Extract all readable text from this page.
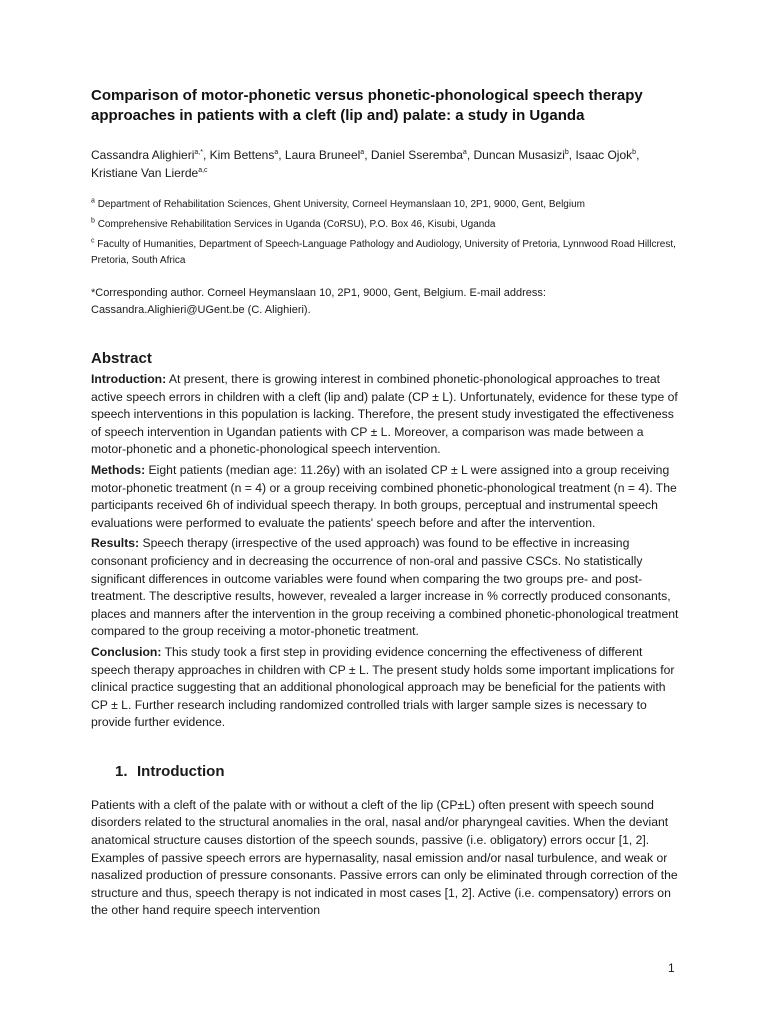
Comparison of motor-phonetic versus phonetic-phonological speech therapy approaches in patients with a cleft (lip and) palate: a study in Uganda

Cassandra Alighieri$^{a,*}$, Kim Bettens$^a$, Laura Bruneel$^a$, Daniel Sseremba$^a$, Duncan Musasizi$^b$, Isaac Ojok$^b$,
Kristiane Van Lierde$^{a,c}$

$^a$ Department of Rehabilitation Sciences, Ghent University, Corneel Heymanslaan 10, 2P1, 9000, Gent, Belgium

$^b$ Comprehensive Rehabilitation Services in Uganda (CoRSU), P.O. Box 46, Kisubi, Uganda

$^c$ Faculty of Humanities, Department of Speech-Language Pathology and Audiology, University of Pretoria, Lynnwood Road Hillcrest, Pretoria, South Africa

*Corresponding author. Corneel Heymanslaan 10, 2P1, 9000, Gent, Belgium. E-mail address: Cassandra.Alighieri@UGent.be (C. Alighieri).

Abstract

Introduction: At present, there is growing interest in combined phonetic-phonological approaches to treat active speech errors in children with a cleft (lip and) palate (CP ± L). Unfortunately, evidence for these type of speech interventions in this population is lacking. Therefore, the present study investigated the effectiveness of speech intervention in Ugandan patients with CP ± L. Moreover, a comparison was made between a motor-phonetic and a phonetic-phonological speech intervention.

Methods: Eight patients (median age: 11.26y) with an isolated CP ± L were assigned into a group receiving motor-phonetic treatment (n = 4) or a group receiving combined phonetic-phonological treatment (n = 4). The participants received 6h of individual speech therapy. In both groups, perceptual and instrumental speech evaluations were performed to evaluate the patients' speech before and after the intervention.

Results: Speech therapy (irrespective of the used approach) was found to be effective in increasing consonant proficiency and in decreasing the occurrence of non-oral and passive CSCs. No statistically significant differences in outcome variables were found when comparing the two groups pre- and post-treatment. The descriptive results, however, revealed a larger increase in % correctly produced consonants, places and manners after the intervention in the group receiving a combined phonetic-phonological treatment compared to the group receiving a motor-phonetic treatment.

Conclusion: This study took a first step in providing evidence concerning the effectiveness of different speech therapy approaches in children with CP ± L. The present study holds some important implications for clinical practice suggesting that an additional phonological approach may be beneficial for the patients with CP ± L. Further research including randomized controlled trials with larger sample sizes is necessary to provide further evidence.

1. Introduction

Patients with a cleft of the palate with or without a cleft of the lip (CP±L) often present with speech sound disorders related to the structural anomalies in the oral, nasal and/or pharyngeal cavities. When the deviant anatomical structure causes distortion of the speech sounds, passive (i.e. obligatory) errors occur [1, 2]. Examples of passive speech errors are hypernasality, nasal emission and/or nasal turbulence, and weak or nasalized production of pressure consonants. Passive errors can only be eliminated through correction of the structure and thus, speech therapy is not indicated in most cases [1, 2]. Active (i.e. compensatory) errors on the other hand require speech intervention

1
